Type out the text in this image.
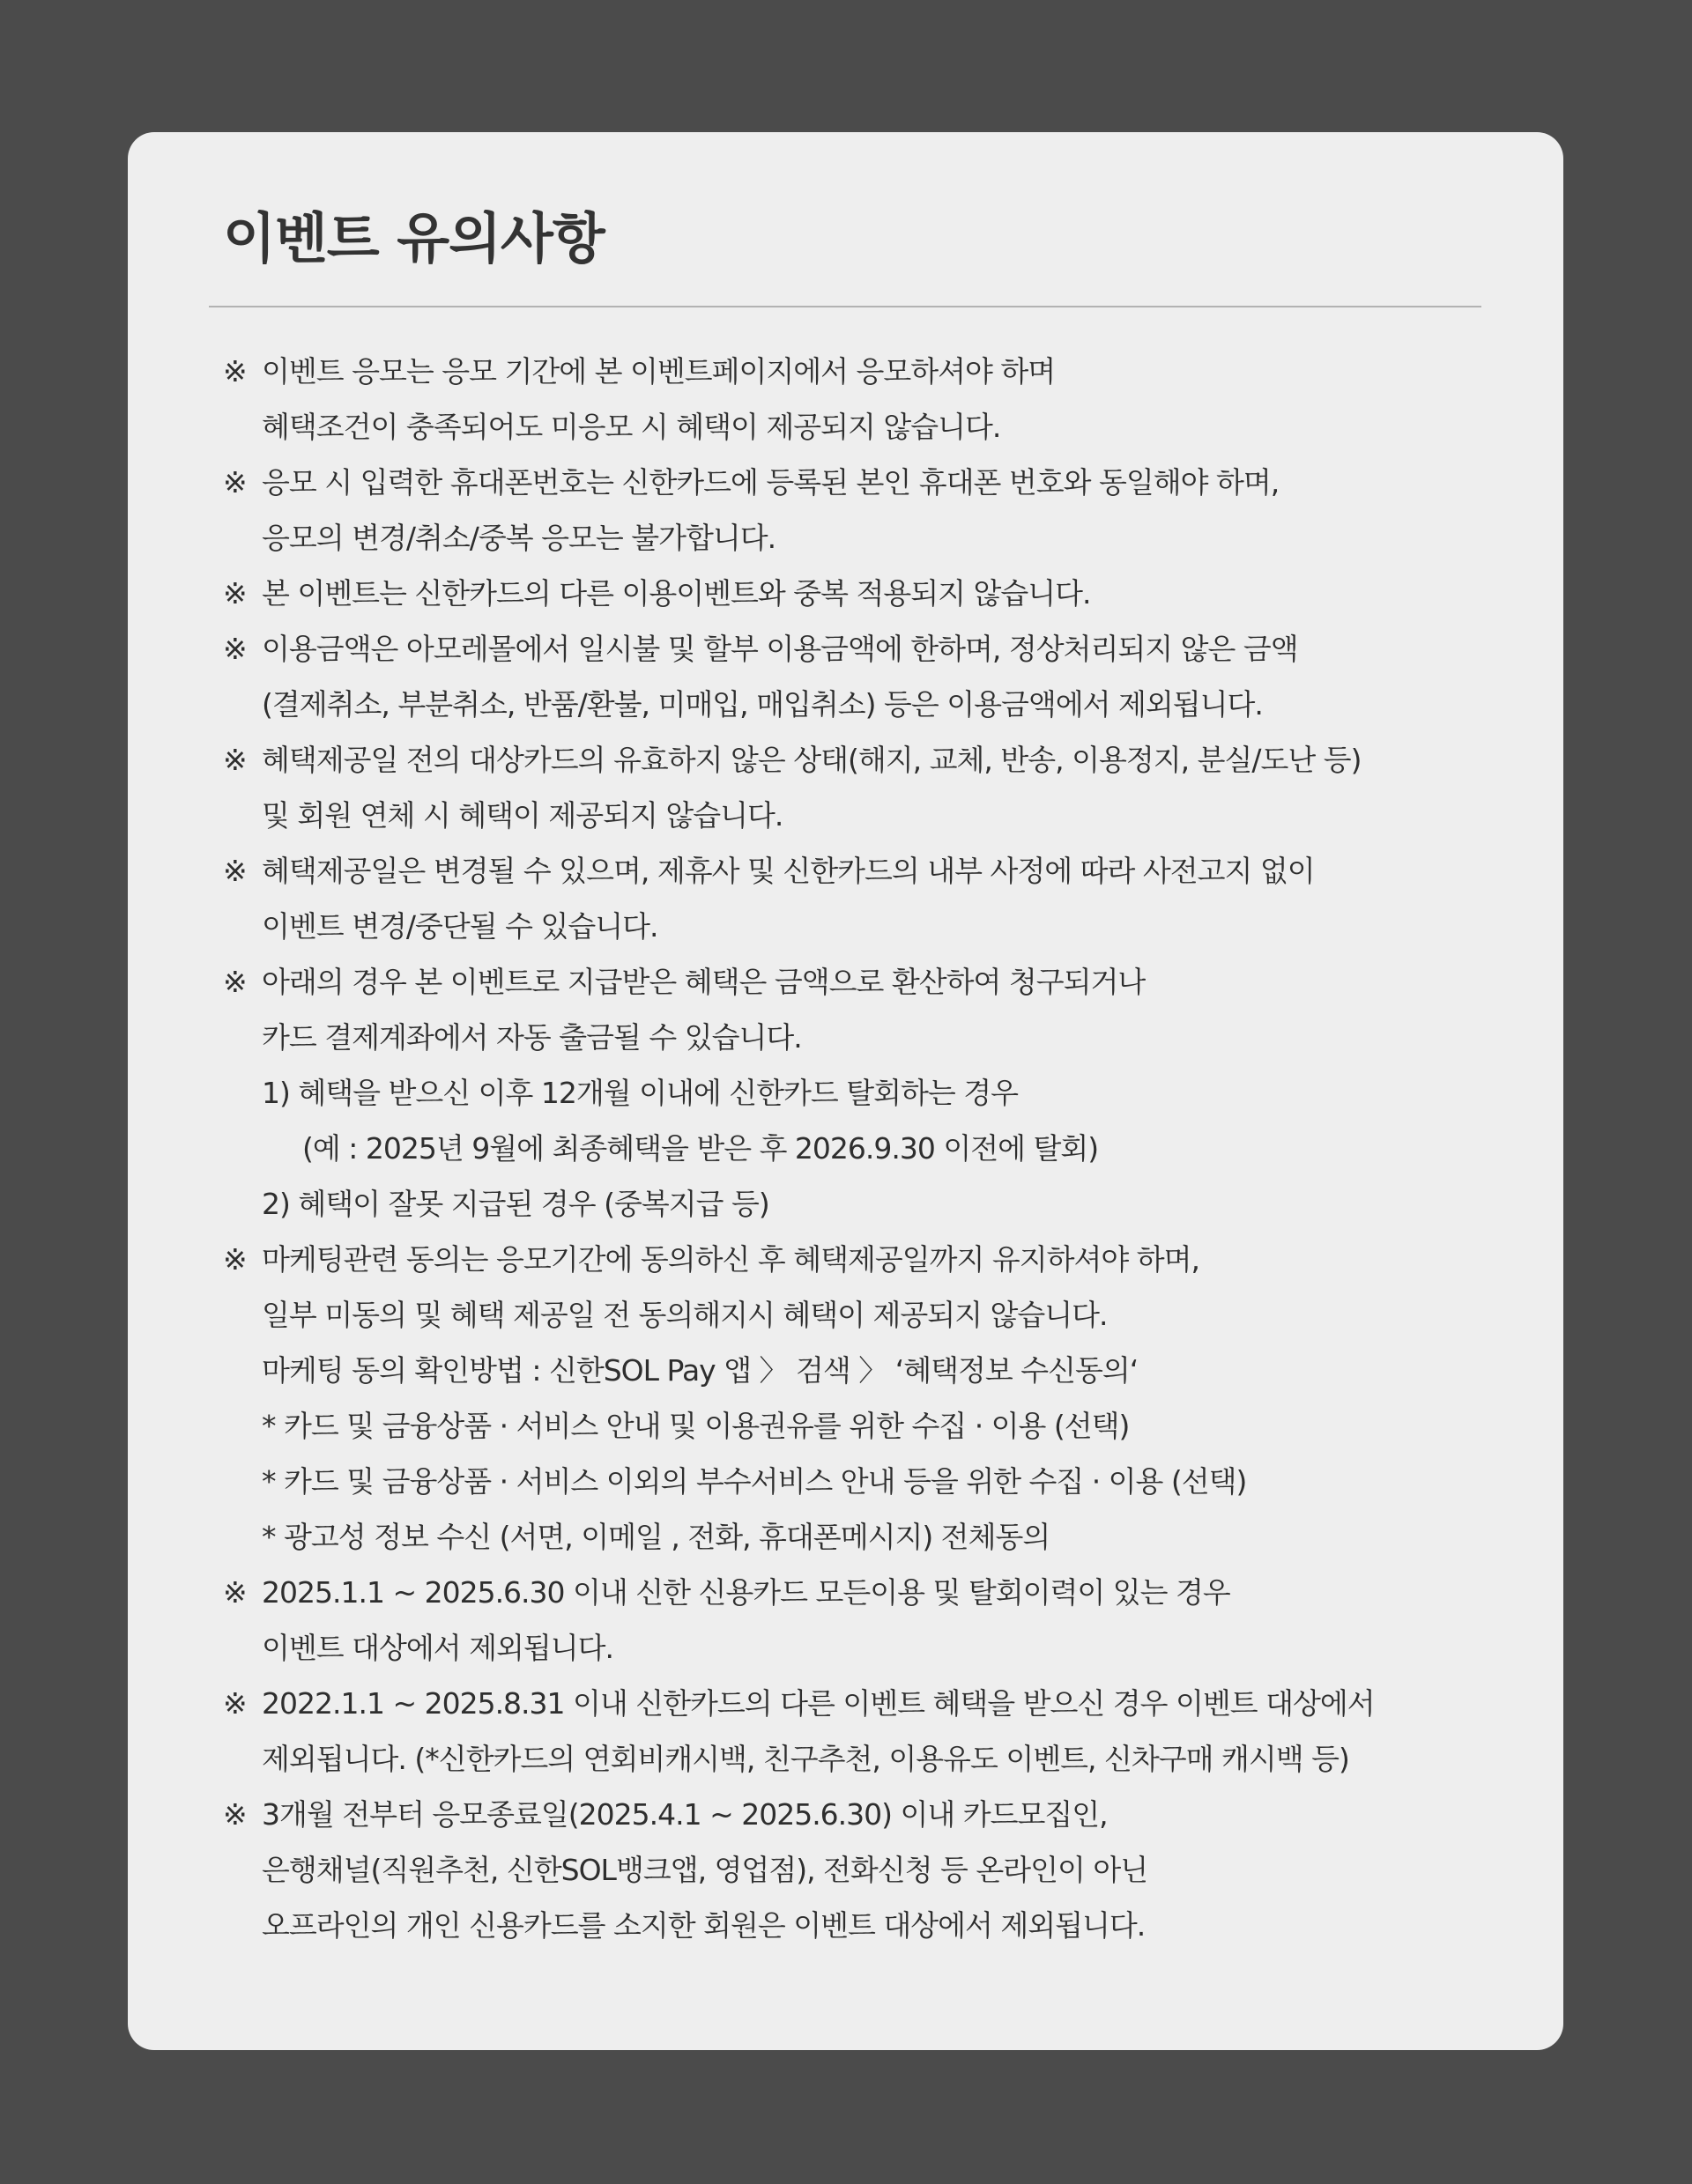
이벤트 유의사항
※ 이벤트 응모는 응모 기간에 본 이벤트페이지에서 응모하셔야 하며
혜택조건이 충족되어도 미응모 시 혜택이 제공되지 않습니다.
※ 응모 시 입력한 휴대폰번호는 신한카드에 등록된 본인 휴대폰 번호와 동일해야 하며,
응모의 변경/취소/중복 응모는 불가합니다.
※ 본 이벤트는 신한카드의 다른 이용이벤트와 중복 적용되지 않습니다.
※ 이용금액은 아모레몰에서 일시불 및 할부 이용금액에 한하며, 정상처리되지 않은 금액
(결제취소, 부분취소, 반품/환불, 미매입, 매입취소) 등은 이용금액에서 제외됩니다.
※ 혜택제공일 전의 대상카드의 유효하지 않은 상태(해지, 교체, 반송, 이용정지, 분실/도난 등)
및 회원 연체 시 혜택이 제공되지 않습니다.
※ 혜택제공일은 변경될 수 있으며, 제휴사 및 신한카드의 내부 사정에 따라 사전고지 없이
이벤트 변경/중단될 수 있습니다.
※ 아래의 경우 본 이벤트로 지급받은 혜택은 금액으로 환산하여 청구되거나
카드 결제계좌에서 자동 출금될 수 있습니다.
1) 혜택을 받으신 이후 12개월 이내에 신한카드 탈회하는 경우
(예 : 2025년 9월에 최종혜택을 받은 후 2026.9.30 이전에 탈회)
2) 혜택이 잘못 지급된 경우 (중복지급 등)
※ 마케팅관련 동의는 응모기간에 동의하신 후 혜택제공일까지 유지하셔야 하며,
일부 미동의 및 혜택 제공일 전 동의해지시 혜택이 제공되지 않습니다.
마케팅 동의 확인방법 : 신한SOL Pay 앱 〉 검색 〉 ‘혜택정보 수신동의‘
* 카드 및 금융상품 · 서비스 안내 및 이용권유를 위한 수집 · 이용 (선택)
* 카드 및 금융상품 · 서비스 이외의 부수서비스 안내 등을 위한 수집 · 이용 (선택)
* 광고성 정보 수신 (서면, 이메일 , 전화, 휴대폰메시지) 전체동의
※ 2025.1.1 ~ 2025.6.30 이내 신한 신용카드 모든이용 및 탈회이력이 있는 경우
이벤트 대상에서 제외됩니다.
※ 2022.1.1 ~ 2025.8.31 이내 신한카드의 다른 이벤트 혜택을 받으신 경우 이벤트 대상에서
제외됩니다. (*신한카드의 연회비캐시백, 친구추천, 이용유도 이벤트, 신차구매 캐시백 등)
※ 3개월 전부터 응모종료일(2025.4.1 ~ 2025.6.30) 이내 카드모집인,
은행채널(직원추천, 신한SOL뱅크앱, 영업점), 전화신청 등 온라인이 아닌
오프라인의 개인 신용카드를 소지한 회원은 이벤트 대상에서 제외됩니다.
